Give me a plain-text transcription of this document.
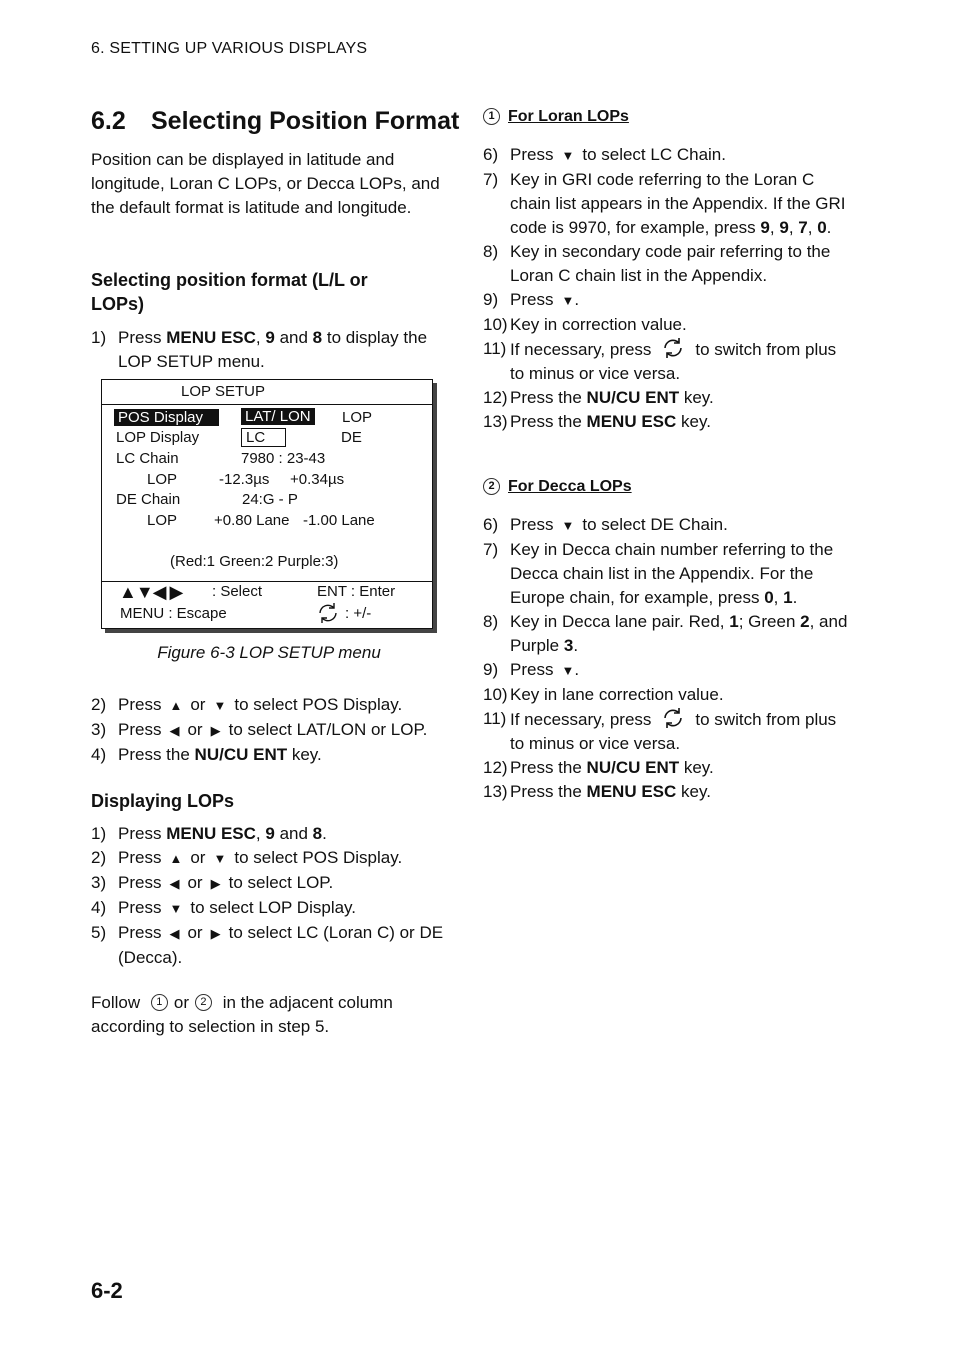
6. SETTING UP VARIOUS DISPLAYS
6.2 Selecting Position Format
Position can be displayed in latitude and longitude, Loran C LOPs, or Decca LOPs, and the default format is latitude and longitude.
Selecting position format (L/L or LOPs)
1) Press MENU ESC, 9 and 8 to display the LOP SETUP menu.
LOP SETUP
POS Display	LAT/ LON LOP
LOP Display	LC	DE
LC Chain	7980 : 23-43
LOP	-12.3µs +0.34µs
DE Chain	24:G - P
LOP +0.80 Lane -1.00 Lane
(Red:1 Green:2 Purple:3)
▲▼◀ ▶ : Select	ENT : Enter
MENU : Escape	: +/-
Figure 6-3 LOP SETUP menu
2) Press ▲ or ▼ to select POS Display.
3) Press ◀ or ▶ to select LAT/LON or LOP.
4) Press the NU/CU ENT key.
Displaying LOPs
1) Press MENU ESC, 9 and 8.
2) Press ▲ or ▼ to select POS Display.
3) Press ◀ or ▶ to select LOP.
4) Press ▼ to select LOP Display.
5) Press ◀ or ▶ to select LC (Loran C) or DE (Decca).
Follow 1 or 2 in the adjacent column according to selection in step 5.
1 For Loran LOPs
6) Press ▼ to select LC Chain.
7) Key in GRI code referring to the Loran C chain list appears in the Appendix. If the GRI code is 9970, for example, press 9, 9, 7, 0.
8) Key in secondary code pair referring to the Loran C chain list in the Appendix.
9) Press ▼.
10) Key in correction value.
11) If necessary, press	to switch from plus to minus or vice versa.
12) Press the NU/CU ENT key.
13) Press the MENU ESC key.
2 For Decca LOPs
6) Press ▼ to select DE Chain.
7) Key in Decca chain number referring to the Decca chain list in the Appendix. For the Europe chain, for example, press 0, 1.
8) Key in Decca lane pair. Red, 1; Green 2, and Purple 3.
9) Press ▼.
10) Key in lane correction value.
11) If necessary, press	to switch from plus to minus or vice versa.
12) Press the NU/CU ENT key.
13) Press the MENU ESC key.
6-2
